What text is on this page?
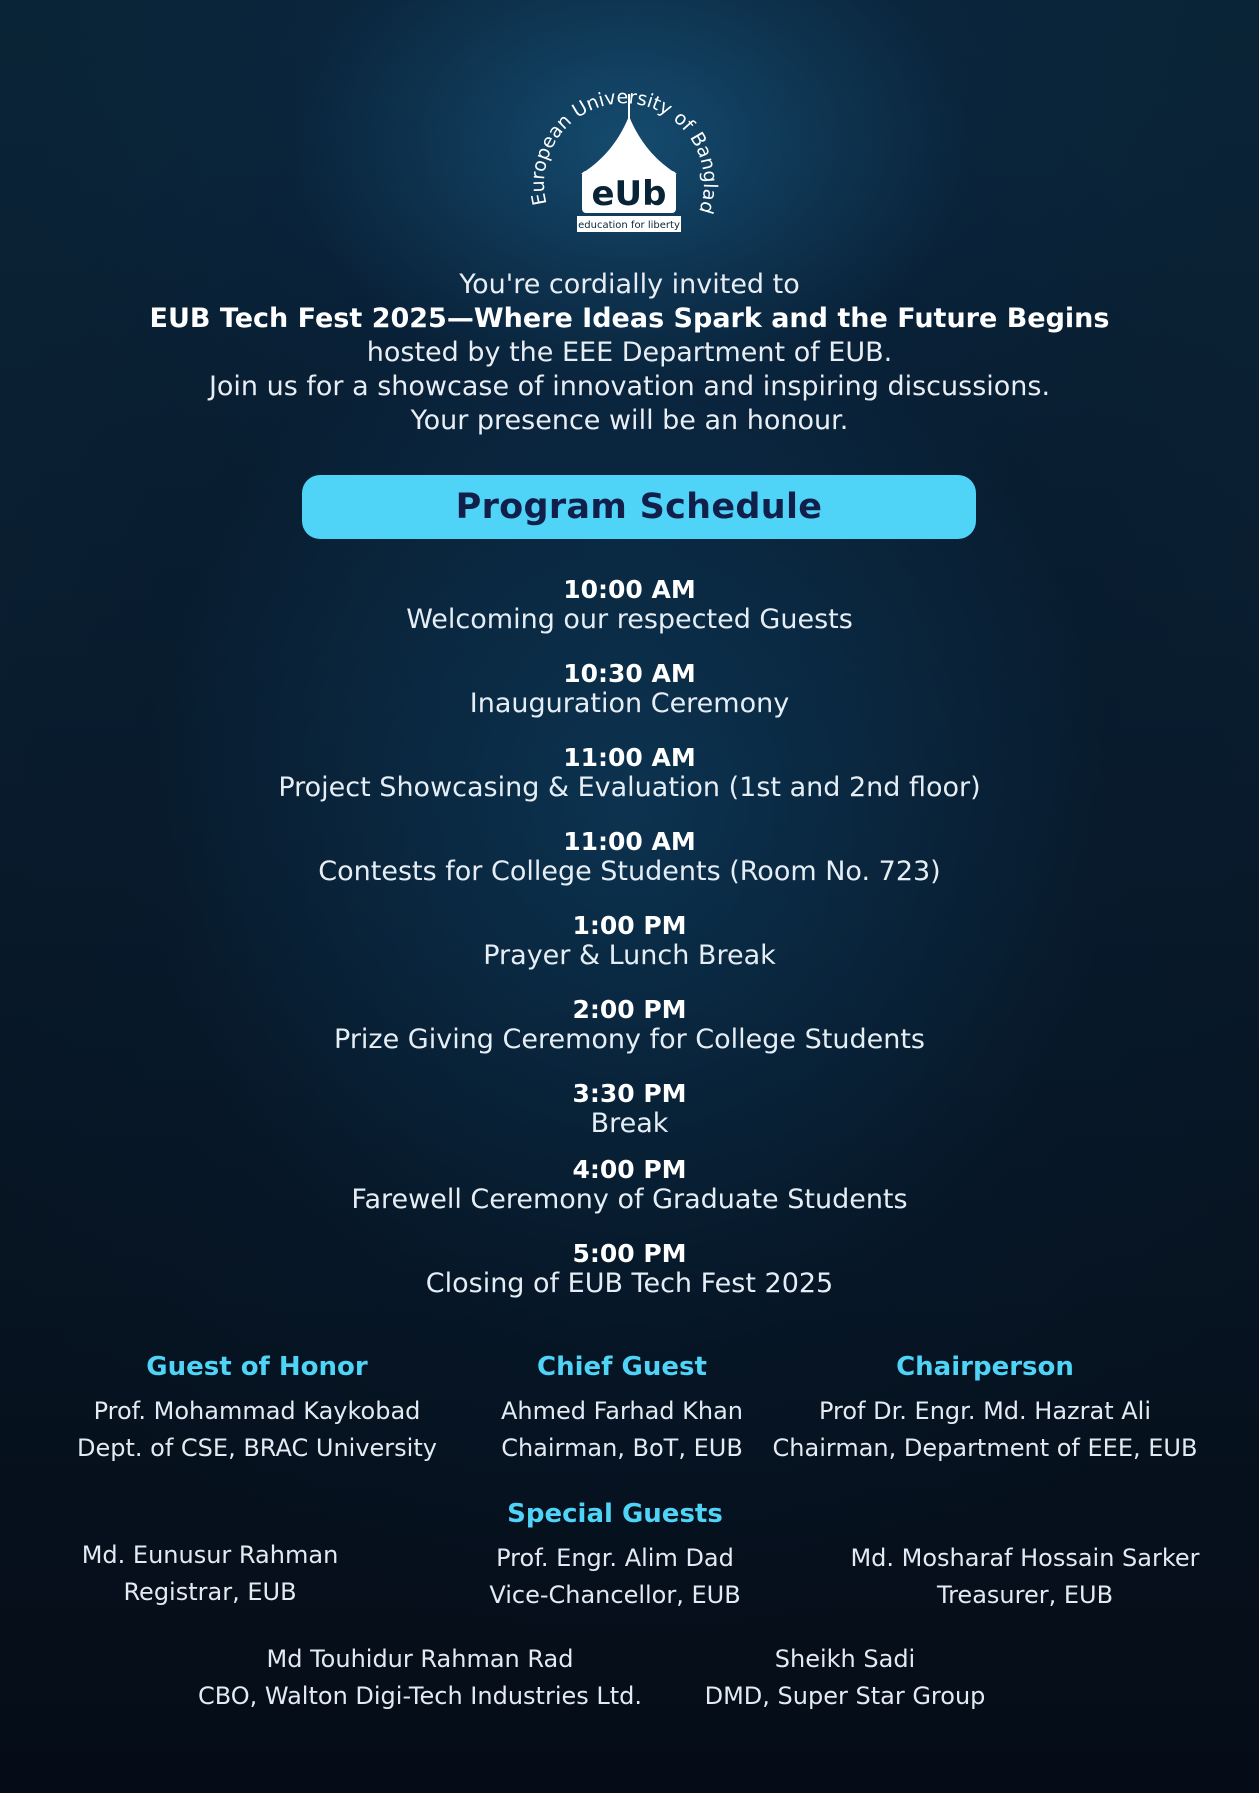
European University of Banglad
eUb
education for liberty
You're cordially invited to
EUB Tech Fest 2025—Where Ideas Spark and the Future Begins
hosted by the EEE Department of EUB.
Join us for a showcase of innovation and inspiring discussions.
Your presence will be an honour.
Program Schedule
10:00 AM
Welcoming our respected Guests
10:30 AM
Inauguration Ceremony
11:00 AM
Project Showcasing & Evaluation (1st and 2nd floor)
11:00 AM
Contests for College Students (Room No. 723)
1:00 PM
Prayer & Lunch Break
2:00 PM
Prize Giving Ceremony for College Students
3:30 PM
Break
4:00 PM
Farewell Ceremony of Graduate Students
5:00 PM
Closing of EUB Tech Fest 2025
Guest of Honor	Chief Guest	Chairperson
Prof. Mohammad Kaykobad
Dept. of CSE, BRAC University
Ahmed Farhad Khan
Chairman, BoT, EUB
Prof Dr. Engr. Md. Hazrat Ali
Chairman, Department of EEE, EUB
Special Guests
Md. Eunusur Rahman
Registrar, EUB
Prof. Engr. Alim Dad
Vice-Chancellor, EUB
Md. Mosharaf Hossain Sarker
Treasurer, EUB
Md Touhidur Rahman Rad
CBO, Walton Digi-Tech Industries Ltd.
Sheikh Sadi
DMD, Super Star Group
